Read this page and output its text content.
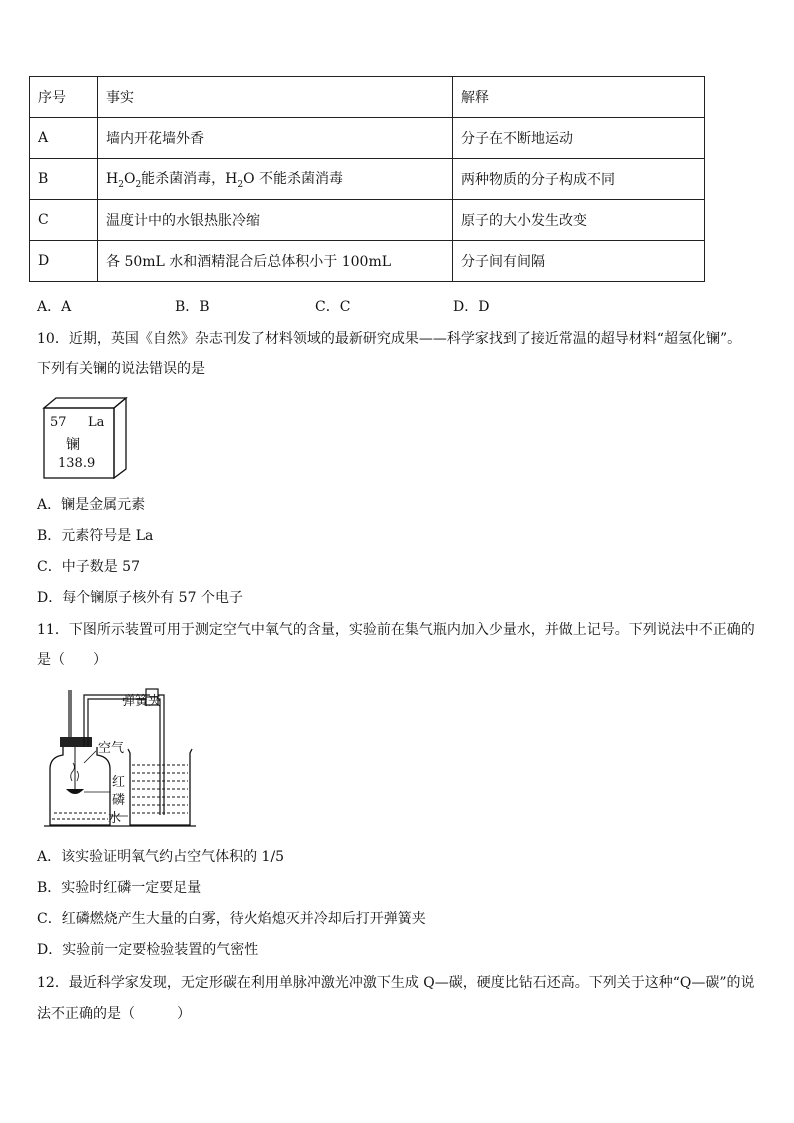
序号	事实	解释
A	墙内开花墙外香	分子在不断地运动
B	$H_2O_2$能杀菌消毒，$H_2O$ 不能杀菌消毒	两种物质的分子构成不同
C	温度计中的水银热胀冷缩	原子的大小发生改变
D	各 50mL 水和酒精混合后总体积小于 100mL	分子间有间隔
A．A	B．B	C．C	D．D
10．近期，英国《自然》杂志刊发了材料领域的最新研究成果——科学家找到了接近常温的超导材料“超氢化镧”。
下列有关镧的说法错误的是
57 La
镧
138.9
A．镧是金属元素
B．元素符号是 La
C．中子数是 57
D．每个镧原子核外有 57 个电子
11．下图所示装置可用于测定空气中氧气的含量，实验前在集气瓶内加入少量水，并做上记号。下列说法中不正确的
是（　　）
弹簧夹
空气
红
磷
水
A．该实验证明氧气约占空气体积的 1/5
B．实验时红磷一定要足量
C．红磷燃烧产生大量的白雾，待火焰熄灭并冷却后打开弹簧夹
D．实验前一定要检验装置的气密性
12．最近科学家发现，无定形碳在利用单脉冲激光冲激下生成 Q—碳，硬度比钻石还高。下列关于这种“Q—碳”的说
法不正确的是（　　　）
